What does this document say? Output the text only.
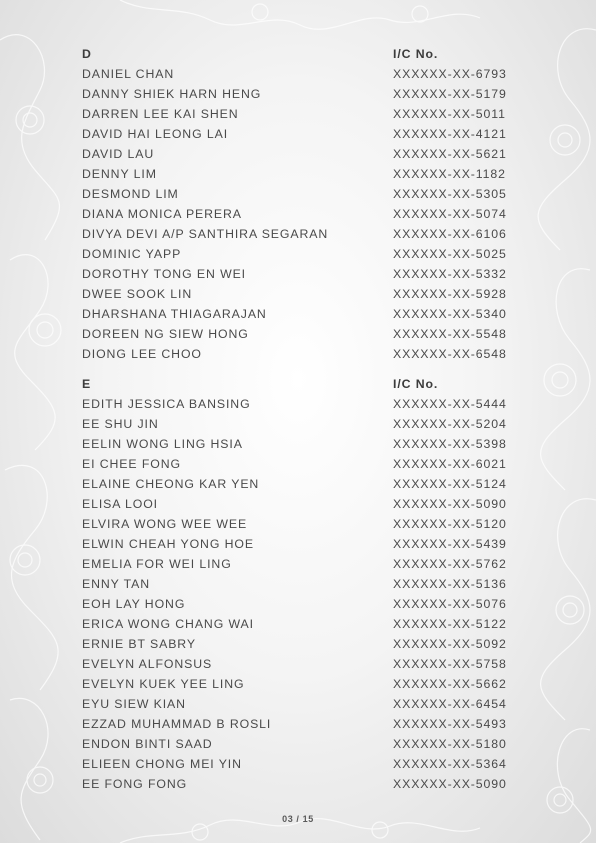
D	I/C No.
DANIEL CHAN	XXXXXX-XX-6793
DANNY SHIEK HARN HENG	XXXXXX-XX-5179
DARREN LEE KAI SHEN	XXXXXX-XX-5011
DAVID HAI LEONG LAI	XXXXXX-XX-4121
DAVID LAU	XXXXXX-XX-5621
DENNY LIM	XXXXXX-XX-1182
DESMOND LIM	XXXXXX-XX-5305
DIANA MONICA PERERA	XXXXXX-XX-5074
DIVYA DEVI A/P SANTHIRA SEGARAN	XXXXXX-XX-6106
DOMINIC YAPP	XXXXXX-XX-5025
DOROTHY TONG EN WEI	XXXXXX-XX-5332
DWEE SOOK LIN	XXXXXX-XX-5928
DHARSHANA THIAGARAJAN	XXXXXX-XX-5340
DOREEN NG SIEW HONG	XXXXXX-XX-5548
DIONG LEE CHOO	XXXXXX-XX-6548
E	I/C No.
EDITH JESSICA BANSING	XXXXXX-XX-5444
EE SHU JIN	XXXXXX-XX-5204
EELIN WONG LING HSIA	XXXXXX-XX-5398
EI CHEE FONG	XXXXXX-XX-6021
ELAINE CHEONG KAR YEN	XXXXXX-XX-5124
ELISA LOOI	XXXXXX-XX-5090
ELVIRA WONG WEE WEE	XXXXXX-XX-5120
ELWIN CHEAH YONG HOE	XXXXXX-XX-5439
EMELIA FOR WEI LING	XXXXXX-XX-5762
ENNY TAN	XXXXXX-XX-5136
EOH LAY HONG	XXXXXX-XX-5076
ERICA WONG CHANG WAI	XXXXXX-XX-5122
ERNIE BT SABRY	XXXXXX-XX-5092
EVELYN ALFONSUS	XXXXXX-XX-5758
EVELYN KUEK YEE LING	XXXXXX-XX-5662
EYU SIEW KIAN	XXXXXX-XX-6454
EZZAD MUHAMMAD B ROSLI	XXXXXX-XX-5493
ENDON BINTI SAAD	XXXXXX-XX-5180
ELIEEN CHONG MEI YIN	XXXXXX-XX-5364
EE FONG FONG	XXXXXX-XX-5090
03 / 15
